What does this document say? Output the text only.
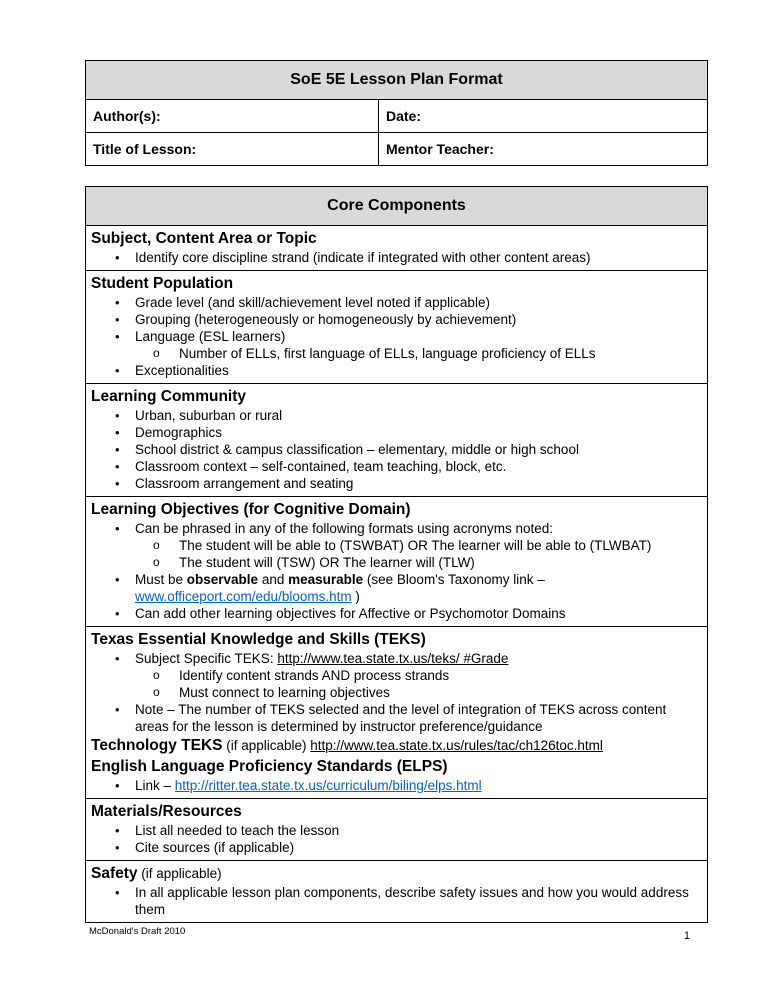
SoE 5E Lesson Plan Format
Author(s):	Date:
Title of Lesson:	Mentor Teacher:
Core Components
Subject, Content Area or Topic
•	Identify core discipline strand (indicate if integrated with other content areas)
Student Population
•	Grade level (and skill/achievement level noted if applicable)
•	Grouping (heterogeneously or homogeneously by achievement)
•	Language (ESL learners)
o	Number of ELLs, first language of ELLs, language proficiency of ELLs
•	Exceptionalities
Learning Community
•	Urban, suburban or rural
•	Demographics
•	School district & campus classification – elementary, middle or high school
•	Classroom context – self-contained, team teaching, block, etc.
•	Classroom arrangement and seating
Learning Objectives (for Cognitive Domain)
•	Can be phrased in any of the following formats using acronyms noted:
o	The student will be able to (TSWBAT) OR The learner will be able to (TLWBAT)
o	The student will (TSW) OR The learner will (TLW)
•	Must be observable and measurable (see Bloom's Taxonomy link – www.officeport.com/edu/blooms.htm )
•	Can add other learning objectives for Affective or Psychomotor Domains
Texas Essential Knowledge and Skills (TEKS)
•	Subject Specific TEKS: http://www.tea.state.tx.us/teks/ #Grade
o	Identify content strands AND process strands
o	Must connect to learning objectives
•	Note – The number of TEKS selected and the level of integration of TEKS across content areas for the lesson is determined by instructor preference/guidance
Technology TEKS (if applicable) http://www.tea.state.tx.us/rules/tac/ch126toc.html
English Language Proficiency Standards (ELPS)
•	Link – http://ritter.tea.state.tx.us/curriculum/biling/elps.html
Materials/Resources
•	List all needed to teach the lesson
•	Cite sources (if applicable)
Safety (if applicable)
•	In all applicable lesson plan components, describe safety issues and how you would address them
McDonald's Draft 2010	1
